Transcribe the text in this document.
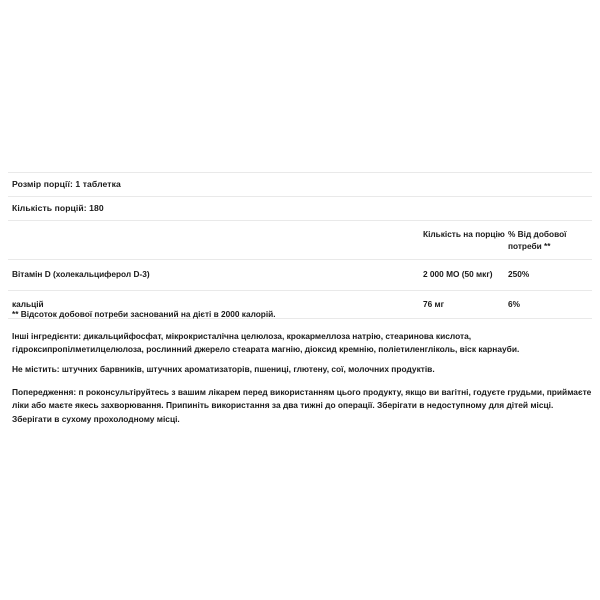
Розмір порції: 1 таблетка		
Кількість порцій: 180		
	Кількість на порцію	% Від добової потреби **
Вітамін D (холекальциферол D-3)	2 000 МО (50 мкг)	250%
кальцій	76 мг	6%

** Відсоток добової потреби заснований на дієті в 2000 калорій.
Інші інгредієнти: дикальцийфосфат, мікрокристалічна целюлоза, крокармеллоза натрію, стеаринова кислота, гідроксипропілметилцелюлоза, рослинний джерело стеарата магнію, діоксид кремнію, поліетиленгліколь, віск карнауби.
Не містить: штучних барвників, штучних ароматизаторів, пшениці, глютену, сої, молочних продуктів.
Попередження: п роконсультіруйтесь з вашим лікарем перед використанням цього продукту, якщо ви вагітні, годуєте грудьми, приймаєте ліки або маєте якесь захворювання. Припиніть використання за два тижні до операції. Зберігати в недоступному для дітей місці. Зберігати в сухому прохолодному місці.
